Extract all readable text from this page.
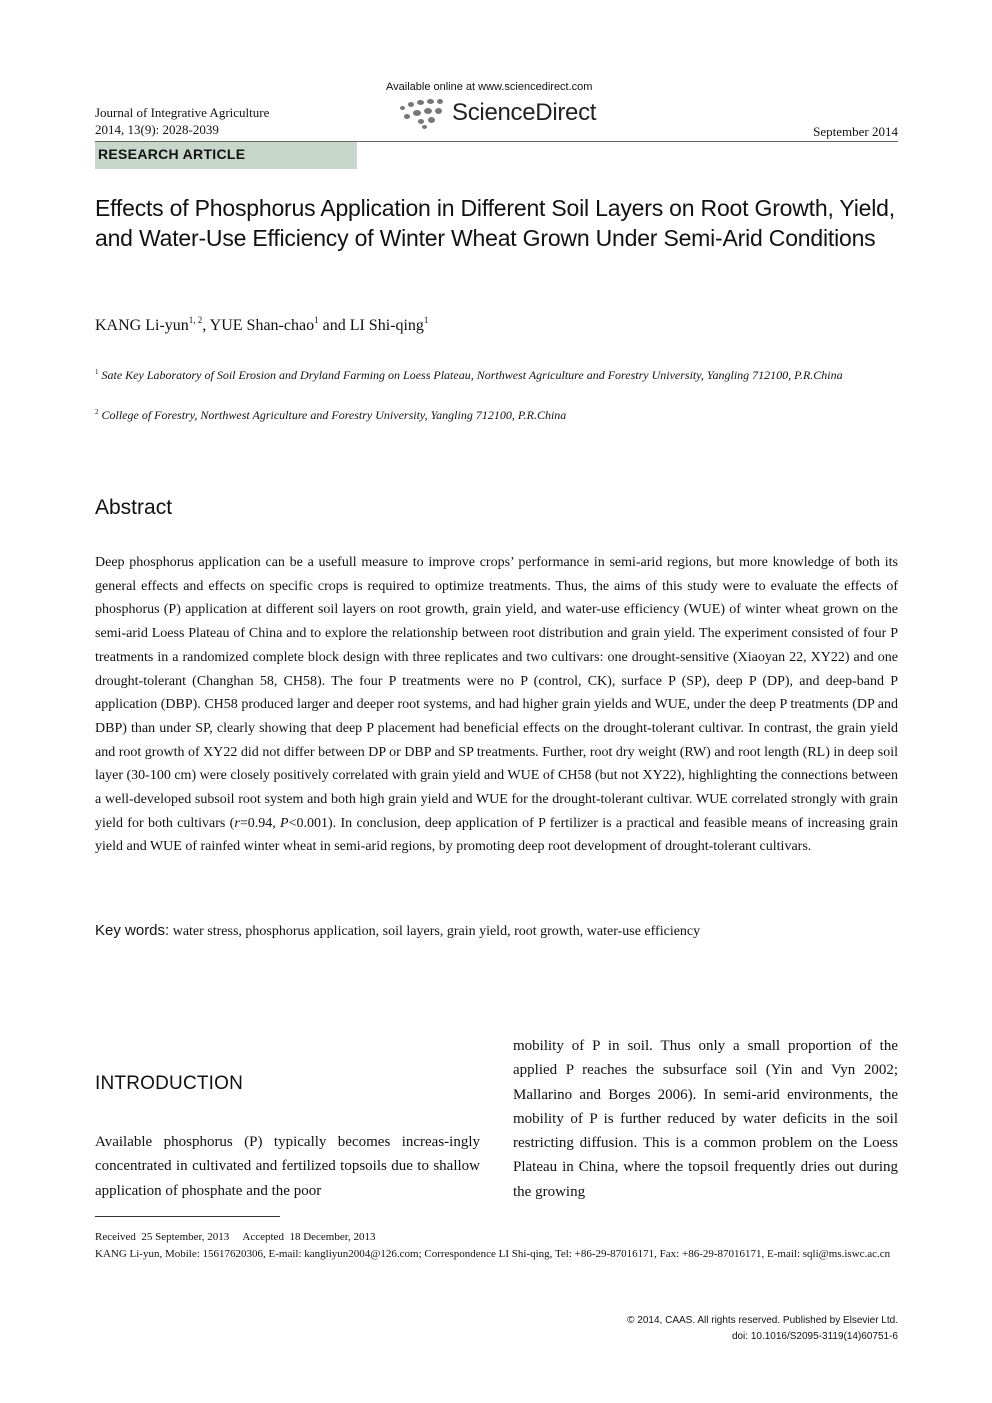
Journal of Integrative Agriculture
2014, 13(9): 2028-2039
Available online at www.sciencedirect.com
ScienceDirect
September 2014
RESEARCH ARTICLE
Effects of Phosphorus Application in Different Soil Layers on Root Growth, Yield, and Water-Use Efficiency of Winter Wheat Grown Under Semi-Arid Conditions
KANG Li-yun$^{1, 2}$, YUE Shan-chao$^1$ and LI Shi-qing$^1$
$^1$ Sate Key Laboratory of Soil Erosion and Dryland Farming on Loess Plateau, Northwest Agriculture and Forestry University, Yangling 712100, P.R.China
$^2$ College of Forestry, Northwest Agriculture and Forestry University, Yangling 712100, P.R.China
Abstract
Deep phosphorus application can be a usefull measure to improve crops’ performance in semi-arid regions, but more knowledge of both its general effects and effects on specific crops is required to optimize treatments. Thus, the aims of this study were to evaluate the effects of phosphorus (P) application at different soil layers on root growth, grain yield, and water-use efficiency (WUE) of winter wheat grown on the semi-arid Loess Plateau of China and to explore the relationship between root distribution and grain yield. The experiment consisted of four P treatments in a randomized complete block design with three replicates and two cultivars: one drought-sensitive (Xiaoyan 22, XY22) and one drought-tolerant (Changhan 58, CH58). The four P treatments were no P (control, CK), surface P (SP), deep P (DP), and deep-band P application (DBP). CH58 produced larger and deeper root systems, and had higher grain yields and WUE, under the deep P treatments (DP and DBP) than under SP, clearly showing that deep P placement had beneficial effects on the drought-tolerant cultivar. In contrast, the grain yield and root growth of XY22 did not differ between DP or DBP and SP treatments. Further, root dry weight (RW) and root length (RL) in deep soil layer (30-100 cm) were closely positively correlated with grain yield and WUE of CH58 (but not XY22), highlighting the connections between a well-developed subsoil root system and both high grain yield and WUE for the drought-tolerant cultivar. WUE correlated strongly with grain yield for both cultivars (r=0.94, P<0.001). In conclusion, deep application of P fertilizer is a practical and feasible means of increasing grain yield and WUE of rainfed winter wheat in semi-arid regions, by promoting deep root development of drought-tolerant cultivars.
Key words: water stress, phosphorus application, soil layers, grain yield, root growth, water-use efficiency
INTRODUCTION
Available phosphorus (P) typically becomes increas-ingly concentrated in cultivated and fertilized topsoils due to shallow application of phosphate and the poor
mobility of P in soil. Thus only a small proportion of the applied P reaches the subsurface soil (Yin and Vyn 2002; Mallarino and Borges 2006). In semi-arid environments, the mobility of P is further reduced by water deficits in the soil restricting diffusion. This is a common problem on the Loess Plateau in China, where the topsoil frequently dries out during the growing
Received  25 September, 2013     Accepted  18 December, 2013
KANG Li-yun, Mobile: 15617620306, E-mail: kangliyun2004@126.com; Correspondence LI Shi-qing, Tel: +86-29-87016171, Fax: +86-29-87016171, E-mail: sqli@ms.iswc.ac.cn
© 2014, CAAS. All rights reserved. Published by Elsevier Ltd.
doi: 10.1016/S2095-3119(14)60751-6
